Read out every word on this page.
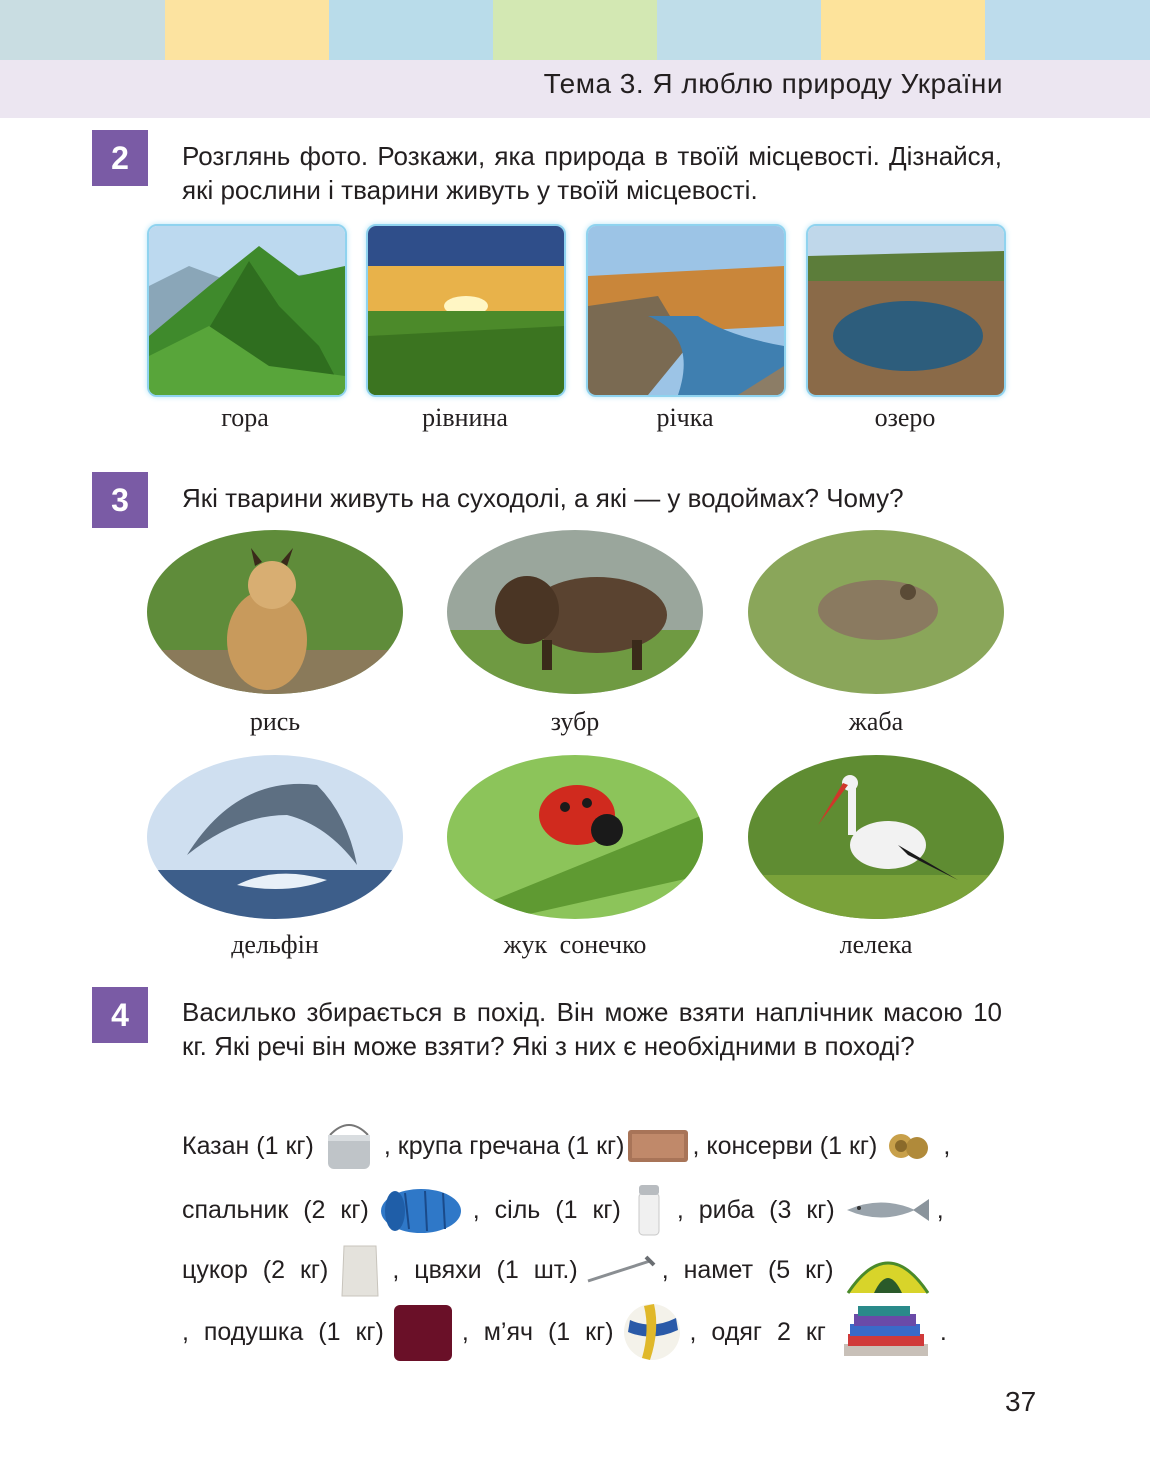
Тема 3. Я люблю природу України
2	Розглянь фото. Розкажи, яка природа в твоїй місцевості. Дізнайся, які рослини і тварини живуть у твоїй місцевості.
гора	рівнина	річка	озеро
3	Які тварини живуть на суходолі, а які — у водоймах? Чому?
рись	зубр	жаба
дельфін	жук сонечко	лелека
4	Василько збирається в похід. Він може взяти наплічник масою 10 кг. Які речі він може взяти? Які з них є необхідними в поході?
Казан (1 кг)	, крупа гречана (1 кг)	, консерви (1 кг)	,
спальник (2 кг)	, сіль (1 кг) , риба (3 кг)	,
цукор (2 кг)	, цвяхи (1 шт.)	, намет (5 кг)
, подушка (1 кг)	, м’яч (1 кг)	, одяг 2 кг	.
37
